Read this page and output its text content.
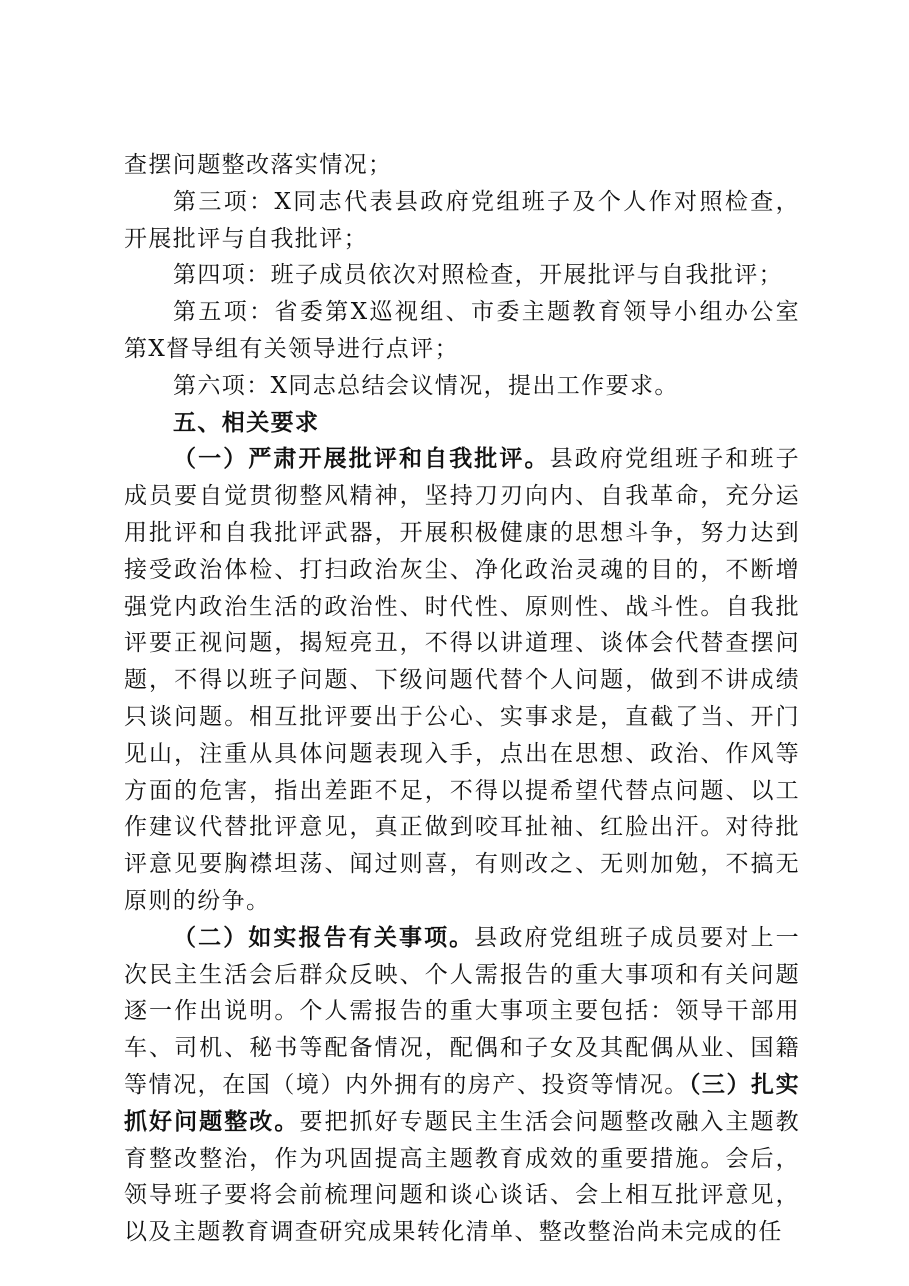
查摆问题整改落实情况；

第三项：X同志代表县政府党组班子及个人作对照检查，开展批评与自我批评；

第四项：班子成员依次对照检查，开展批评与自我批评；

第五项：省委第X巡视组、市委主题教育领导小组办公室第X督导组有关领导进行点评；

第六项：X同志总结会议情况，提出工作要求。

五、相关要求

（一）严肃开展批评和自我批评。县政府党组班子和班子成员要自觉贯彻整风精神，坚持刀刃向内、自我革命，充分运用批评和自我批评武器，开展积极健康的思想斗争，努力达到接受政治体检、打扫政治灰尘、净化政治灵魂的目的，不断增强党内政治生活的政治性、时代性、原则性、战斗性。自我批评要正视问题，揭短亮丑，不得以讲道理、谈体会代替查摆问题，不得以班子问题、下级问题代替个人问题，做到不讲成绩只谈问题。相互批评要出于公心、实事求是，直截了当、开门见山，注重从具体问题表现入手，点出在思想、政治、作风等方面的危害，指出差距不足，不得以提希望代替点问题、以工作建议代替批评意见，真正做到咬耳扯袖、红脸出汗。对待批评意见要胸襟坦荡、闻过则喜，有则改之、无则加勉，不搞无原则的纷争。

（二）如实报告有关事项。县政府党组班子成员要对上一次民主生活会后群众反映、个人需报告的重大事项和有关问题逐一作出说明。个人需报告的重大事项主要包括：领导干部用车、司机、秘书等配备情况，配偶和子女及其配偶从业、国籍等情况，在国（境）内外拥有的房产、投资等情况。（三）扎实抓好问题整改。要把抓好专题民主生活会问题整改融入主题教育整改整治，作为巩固提高主题教育成效的重要措施。会后，领导班子要将会前梳理问题和谈心谈话、会上相互批评意见，以及主题教育调查研究成果转化清单、整改整治尚未完成的任
